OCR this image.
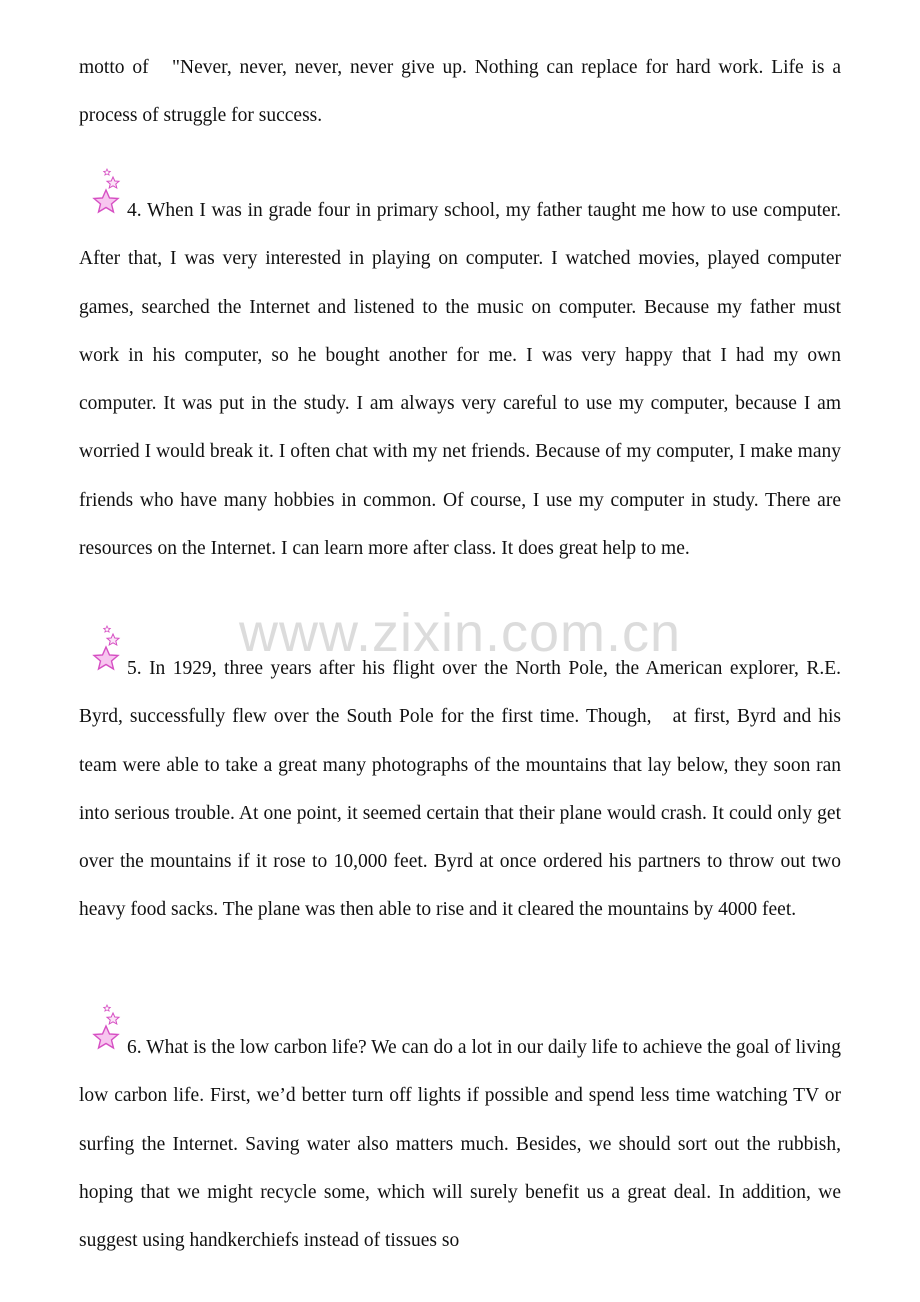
www.zixin.com.cn

motto of   "Never, never, never, never give up. Nothing can replace for hard work. Life is a process of struggle for success.

4. When I was in grade four in primary school, my father taught me how to use computer. After that, I was very interested in playing on computer. I watched movies, played computer games, searched the Internet and listened to the music on computer. Because my father must work in his computer, so he bought another for me. I was very happy that I had my own computer. It was put in the study. I am always very careful to use my computer, because I am worried I would break it. I often chat with my net friends. Because of my computer, I make many friends who have many hobbies in common. Of course, I use my computer in study. There are resources on the Internet. I can learn more after class. It does great help to me.

5. In 1929, three years after his flight over the North Pole, the American explorer, R.E. Byrd, successfully flew over the South Pole for the first time. Though,   at first, Byrd and his team were able to take a great many photographs of the mountains that lay below, they soon ran into serious trouble. At one point, it seemed certain that their plane would crash. It could only get over the mountains if it rose to 10,000 feet. Byrd at once ordered his partners to throw out two heavy food sacks. The plane was then able to rise and it cleared the mountains by 4000 feet.

6. What is the low carbon life? We can do a lot in our daily life to achieve the goal of living low carbon life. First, we’d better turn off lights if possible and spend less time watching TV or surfing the Internet. Saving water also matters much. Besides, we should sort out the rubbish, hoping that we might recycle some, which will surely benefit us a great deal. In addition, we suggest using handkerchiefs instead of tissues so
